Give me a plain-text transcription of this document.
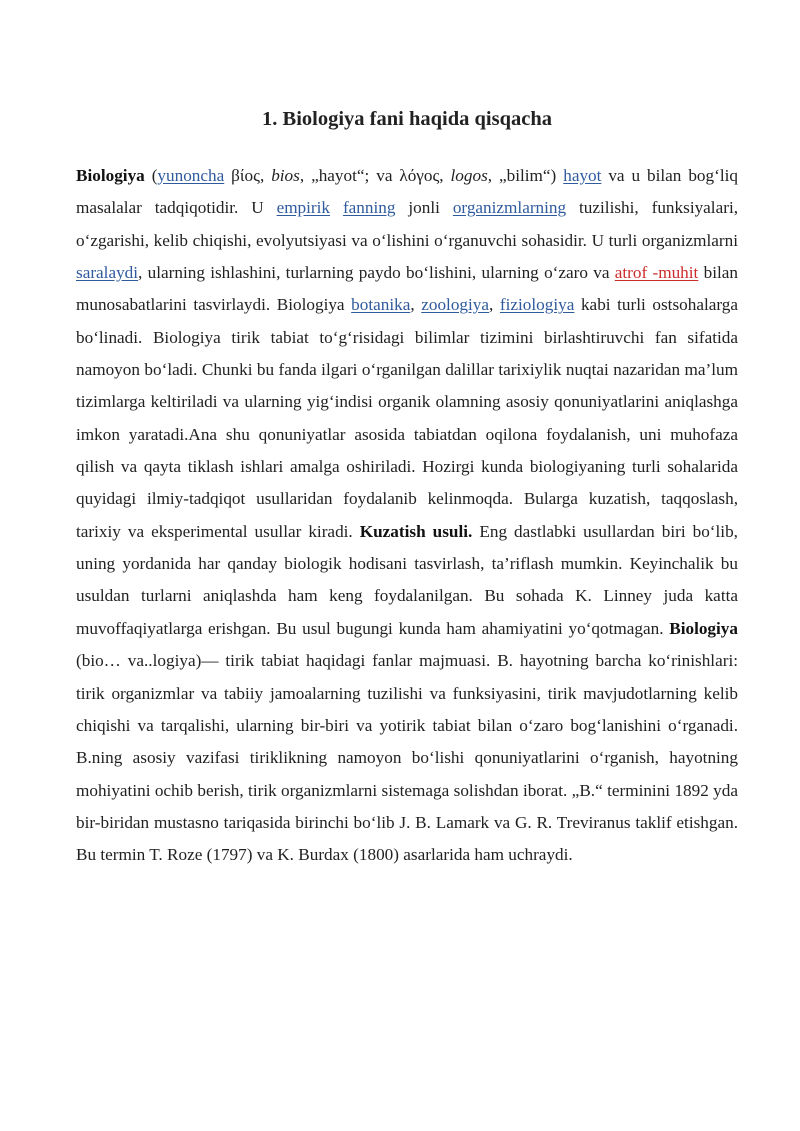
1. Biologiya fani haqida qisqacha

Biologiya (yunoncha βίος, bios, „hayot“; va λόγος, logos, „bilim“) hayot va u bilan bog‘liq masalalar tadqiqotidir. U empirik fanning jonli organizmlarning tuzilishi, funksiyalari, o‘zgarishi, kelib chiqishi, evolyutsiyasi va o‘lishini o‘rganuvchi sohasidir. U turli organizmlarni saralaydi, ularning ishlashini, turlarning paydo bo‘lishini, ularning o‘zaro va atrof -muhit bilan munosabatlarini tasvirlaydi. Biologiya botanika, zoologiya, fiziologiya kabi turli ostsohalarga bo‘linadi. Biologiya tirik tabiat to‘g‘risidagi bilimlar tizimini birlashtiruvchi fan sifatida namoyon bo‘ladi. Chunki bu fanda ilgari o‘rganilgan dalillar tarixiylik nuqtai nazaridan ma’lum tizimlarga keltiriladi va ularning yig‘indisi organik olamning asosiy qonuniyatlarini aniqlashga imkon yaratadi.Ana shu qonuniyatlar asosida tabiatdan oqilona foydalanish, uni muhofaza qilish va qayta tiklash ishlari amalga oshiriladi. Hozirgi kunda biologiyaning turli sohalarida quyidagi ilmiy-tadqiqot usullaridan foydalanib kelinmoqda. Bularga kuzatish, taqqoslash, tarixiy va eksperimental usullar kiradi. Kuzatish usuli. Eng dastlabki usullardan biri bo‘lib, uning yordanida har qanday biologik hodisani tasvirlash, ta’riflash mumkin. Keyinchalik bu usuldan turlarni aniqlashda ham keng foydalanilgan. Bu sohada K. Linney juda katta muvoffaqiyatlarga erishgan. Bu usul bugungi kunda ham ahamiyatini yo‘qotmagan. Biologiya (bio… va..logiya)— tirik tabiat haqidagi fanlar majmuasi. B. hayotning barcha ko‘rinishlari: tirik organizmlar va tabiiy jamoalarning tuzilishi va funksiyasini, tirik mavjudotlarning kelib chiqishi va tarqalishi, ularning bir-biri va yotirik tabiat bilan o‘zaro bog‘lanishini o‘rganadi. B.ning asosiy vazifasi tiriklikning namoyon bo‘lishi qonuniyatlarini o‘rganish, hayotning mohiyatini ochib berish, tirik organizmlarni sistemaga solishdan iborat. „B.“ terminini 1892 yda bir-biridan mustasno tariqasida birinchi bo‘lib J. B. Lamark va G. R. Treviranus taklif etishgan. Bu termin T. Roze (1797) va K. Burdax (1800) asarlarida ham uchraydi.
